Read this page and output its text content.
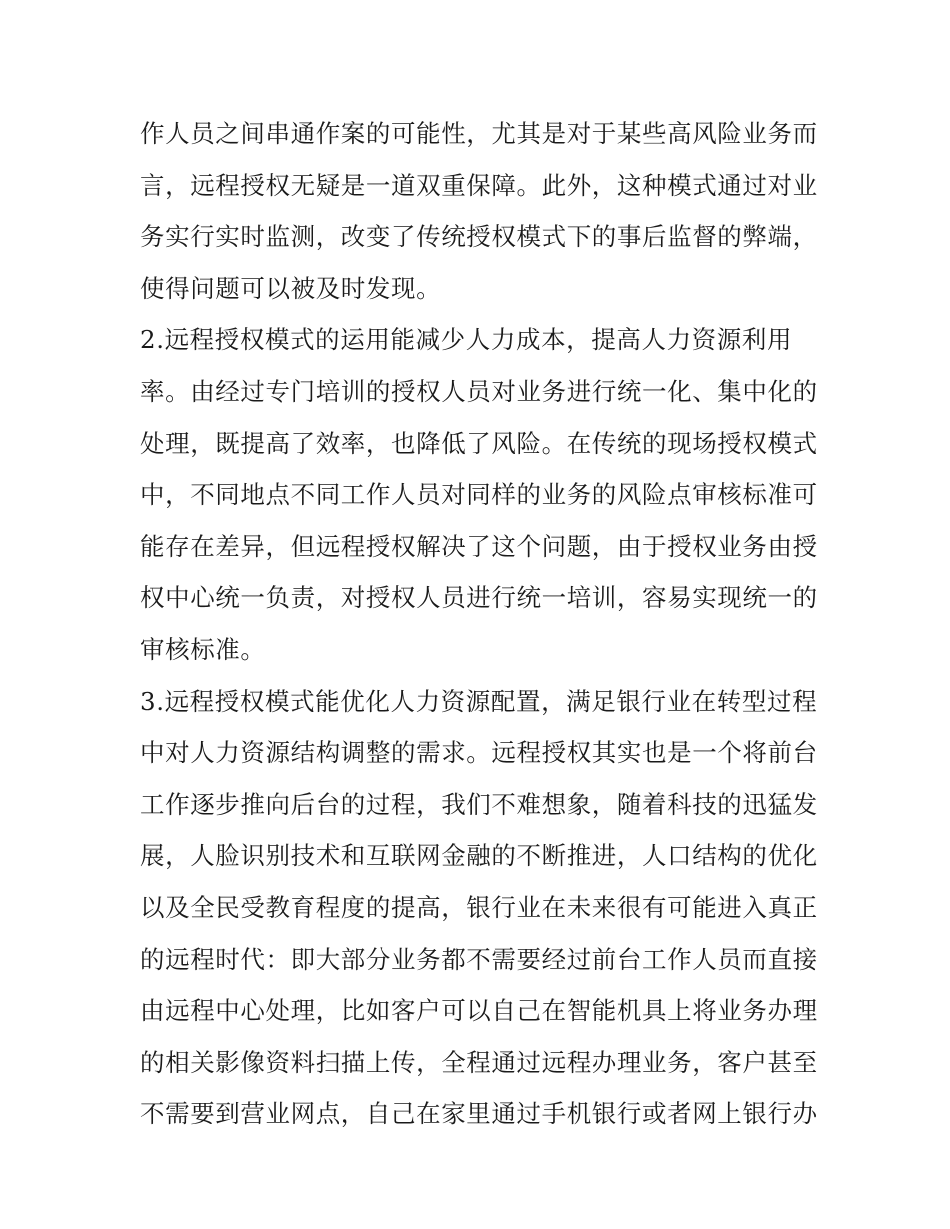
作人员之间串通作案的可能性，尤其是对于某些高风险业务而
言，远程授权无疑是一道双重保障。此外，这种模式通过对业
务实行实时监测，改变了传统授权模式下的事后监督的弊端，
使得问题可以被及时发现。
2.远程授权模式的运用能减少人力成本，提高人力资源利用
率。由经过专门培训的授权人员对业务进行统一化、集中化的
处理，既提高了效率，也降低了风险。在传统的现场授权模式
中，不同地点不同工作人员对同样的业务的风险点审核标准可
能存在差异，但远程授权解决了这个问题，由于授权业务由授
权中心统一负责，对授权人员进行统一培训，容易实现统一的
审核标准。
3.远程授权模式能优化人力资源配置，满足银行业在转型过程
中对人力资源结构调整的需求。远程授权其实也是一个将前台
工作逐步推向后台的过程，我们不难想象，随着科技的迅猛发
展，人脸识别技术和互联网金融的不断推进，人口结构的优化
以及全民受教育程度的提高，银行业在未来很有可能进入真正
的远程时代：即大部分业务都不需要经过前台工作人员而直接
由远程中心处理，比如客户可以自己在智能机具上将业务办理
的相关影像资料扫描上传，全程通过远程办理业务，客户甚至
不需要到营业网点，自己在家里通过手机银行或者网上银行办
